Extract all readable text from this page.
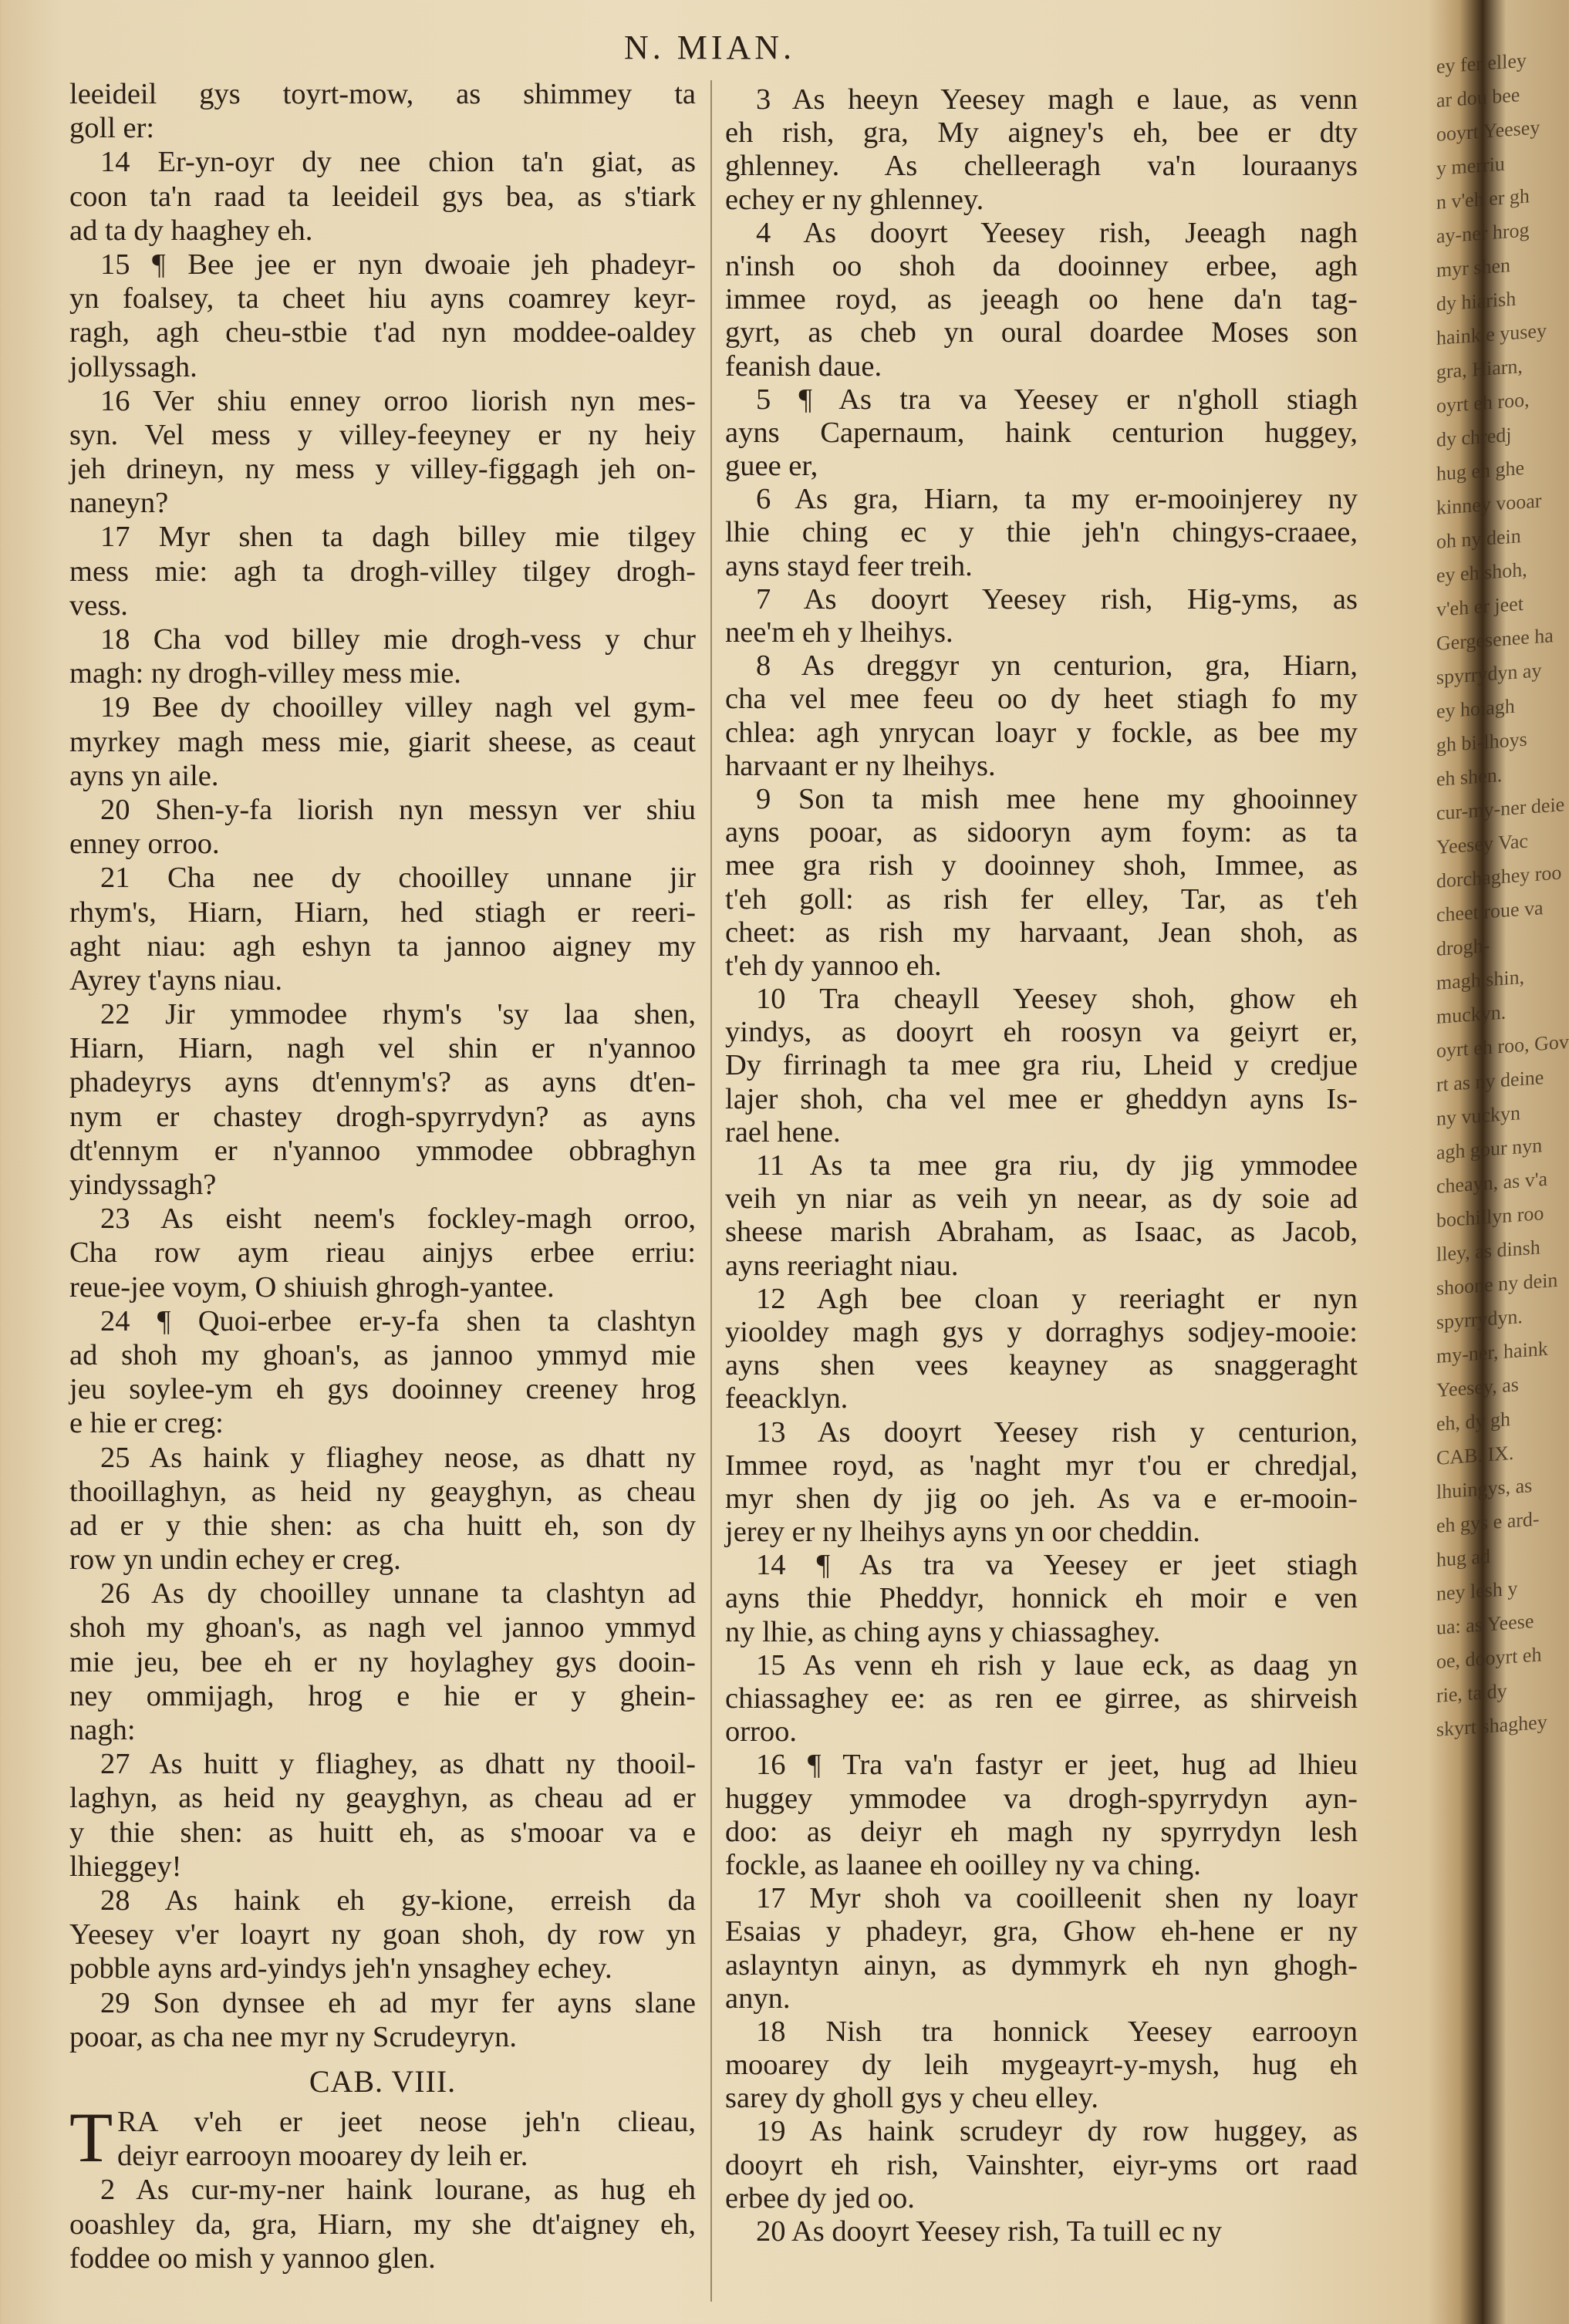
N. MIAN.
leeideil gys toyrt-mow, as shimmey ta
goll er:
14 Er-yn-oyr dy nee chion ta'n giat, as
coon ta'n raad ta leeideil gys bea, as s'tiark
ad ta dy haaghey eh.
15 ¶ Bee jee er nyn dwoaie jeh phadeyr-
yn foalsey, ta cheet hiu ayns coamrey keyr-
ragh, agh cheu-stbie t'ad nyn moddee-oaldey
jollyssagh.
16 Ver shiu enney orroo liorish nyn mes-
syn. Vel mess y villey-feeyney er ny heiy
jeh drineyn, ny mess y villey-figgagh jeh on-
naneyn?
17 Myr shen ta dagh billey mie tilgey
mess mie: agh ta drogh-villey tilgey drogh-
vess.
18 Cha vod billey mie drogh-vess y chur
magh: ny drogh-villey mess mie.
19 Bee dy chooilley villey nagh vel gym-
myrkey magh mess mie, giarit sheese, as ceaut
ayns yn aile.
20 Shen-y-fa liorish nyn messyn ver shiu
enney orroo.
21 Cha nee dy chooilley unnane jir
rhym's, Hiarn, Hiarn, hed stiagh er reeri-
aght niau: agh eshyn ta jannoo aigney my
Ayrey t'ayns niau.
22 Jir ymmodee rhym's 'sy laa shen,
Hiarn, Hiarn, nagh vel shin er n'yannoo
phadeyrys ayns dt'ennym's? as ayns dt'en-
nym er chastey drogh-spyrrydyn? as ayns
dt'ennym er n'yannoo ymmodee obbraghyn
yindyssagh?
23 As eisht neem's fockley-magh orroo,
Cha row aym rieau ainjys erbee erriu:
reue-jee voym, O shiuish ghrogh-yantee.
24 ¶ Quoi-erbee er-y-fa shen ta clashtyn
ad shoh my ghoan's, as jannoo ymmyd mie
jeu soylee-ym eh gys dooinney creeney hrog
e hie er creg:
25 As haink y fliaghey neose, as dhatt ny
thooillaghyn, as heid ny geayghyn, as cheau
ad er y thie shen: as cha huitt eh, son dy
row yn undin echey er creg.
26 As dy chooilley unnane ta clashtyn ad
shoh my ghoan's, as nagh vel jannoo ymmyd
mie jeu, bee eh er ny hoylaghey gys dooin-
ney ommijagh, hrog e hie er y ghein-
nagh:
27 As huitt y fliaghey, as dhatt ny thooil-
laghyn, as heid ny geayghyn, as cheau ad er
y thie shen: as huitt eh, as s'mooar va e
lhieggey!
28 As haink eh gy-kione, erreish da
Yeesey v'er loayrt ny goan shoh, dy row yn
pobble ayns ard-yindys jeh'n ynsaghey echey.
29 Son dynsee eh ad myr fer ayns slane
pooar, as cha nee myr ny Scrudeyryn.
CAB. VIII.
T RA v'eh er jeet neose jeh'n clieau,
deiyr earrooyn mooarey dy leih er.
2 As cur-my-ner haink lourane, as hug eh
ooashley da, gra, Hiarn, my she dt'aigney eh,
foddee oo mish y yannoo glen.
3 As heeyn Yeesey magh e laue, as venn
eh rish, gra, My aigney's eh, bee er dty
ghlenney. As chelleeragh va'n louraanys
echey er ny ghlenney.
4 As dooyrt Yeesey rish, Jeeagh nagh
n'insh oo shoh da dooinney erbee, agh
immee royd, as jeeagh oo hene da'n tag-
gyrt, as cheb yn oural doardee Moses son
feanish daue.
5 ¶ As tra va Yeesey er n'gholl stiagh
ayns Capernaum, haink centurion huggey,
guee er,
6 As gra, Hiarn, ta my er-mooinjerey ny
lhie ching ec y thie jeh'n chingys-craaee,
ayns stayd feer treih.
7 As dooyrt Yeesey rish, Hig-yms, as
nee'm eh y lheihys.
8 As dreggyr yn centurion, gra, Hiarn,
cha vel mee feeu oo dy heet stiagh fo my
chlea: agh ynrycan loayr y fockle, as bee my
harvaant er ny lheihys.
9 Son ta mish mee hene my ghooinney
ayns pooar, as sidooryn aym foym: as ta
mee gra rish y dooinney shoh, Immee, as
t'eh goll: as rish fer elley, Tar, as t'eh
cheet: as rish my harvaant, Jean shoh, as
t'eh dy yannoo eh.
10 Tra cheayll Yeesey shoh, ghow eh
yindys, as dooyrt eh roosyn va geiyrt er,
Dy firrinagh ta mee gra riu, Lheid y credjue
lajer shoh, cha vel mee er gheddyn ayns Is-
rael hene.
11 As ta mee gra riu, dy jig ymmodee
veih yn niar as veih yn neear, as dy soie ad
sheese marish Abraham, as Isaac, as Jacob,
ayns reeriaght niau.
12 Agh bee cloan y reeriaght er nyn
yiooldey magh gys y dorraghys sodjey-mooie:
ayns shen vees keayney as snaggeraght
feeacklyn.
13 As dooyrt Yeesey rish y centurion,
Immee royd, as 'naght myr t'ou er chredjal,
myr shen dy jig oo jeh. As va e er-mooin-
jerey er ny lheihys ayns yn oor cheddin.
14 ¶ As tra va Yeesey er jeet stiagh
ayns thie Pheddyr, honnick eh moir e ven
ny lhie, as ching ayns y chiassaghey.
15 As venn eh rish y laue eck, as daag yn
chiassaghey ee: as ren ee girree, as shirveish
orroo.
16 ¶ Tra va'n fastyr er jeet, hug ad lhieu
huggey ymmodee va drogh-spyrrydyn ayn-
doo: as deiyr eh magh ny spyrrydyn lesh
fockle, as laanee eh ooilley ny va ching.
17 Myr shoh va cooilleenit shen ny loayr
Esaias y phadeyr, gra, Ghow eh-hene er ny
aslayntyn ainyn, as dymmyrk eh nyn ghogh-
anyn.
18 Nish tra honnick Yeesey earrooyn
mooarey dy leih mygeayrt-y-mysh, hug eh
sarey dy gholl gys y cheu elley.
19 As haink scrudeyr dy row huggey, as
dooyrt eh rish, Vainshter, eiyr-yms ort raad
erbee dy jed oo.
20 As dooyrt Yeesey rish, Ta tuill ec ny
ey fer elley
ar dou bee
ooyrt Yeesey
y merriu
n v'eh er gh
ay-ner hrog
myr shen
dy hiarish
haink e yusey
gra, Hiarn,
oyrt eh roo,
dy chredj
hug eh ghe
kinney vooar
oh ny dein
ey eh shoh,
v'eh er jeet
Gergesenee ha
spyrrydyn ay
ey hoiagh
gh bi-lhoys
eh shen.
cur-my-ner deie
Yeesey Vac
dorchaghey roo
cheet roue va
drogh-
magh shin,
muckyn.
oyrt eh roo, Gov
rt as ny deine
ny vuckyn
agh gour nyn
cheayn, as v'a
bochillyn roo
lley, as dinsh
shoone ny dein
spyrrydyn.
my-ner, haink
Yeesey, as
eh, dy gh
CAB. IX.
lhuingys, as
eh gys e ard-
hug ad
ney lesh y
ua: as Yeese
oe, dooyrt eh
rie, ta dy
skyrt shaghey
